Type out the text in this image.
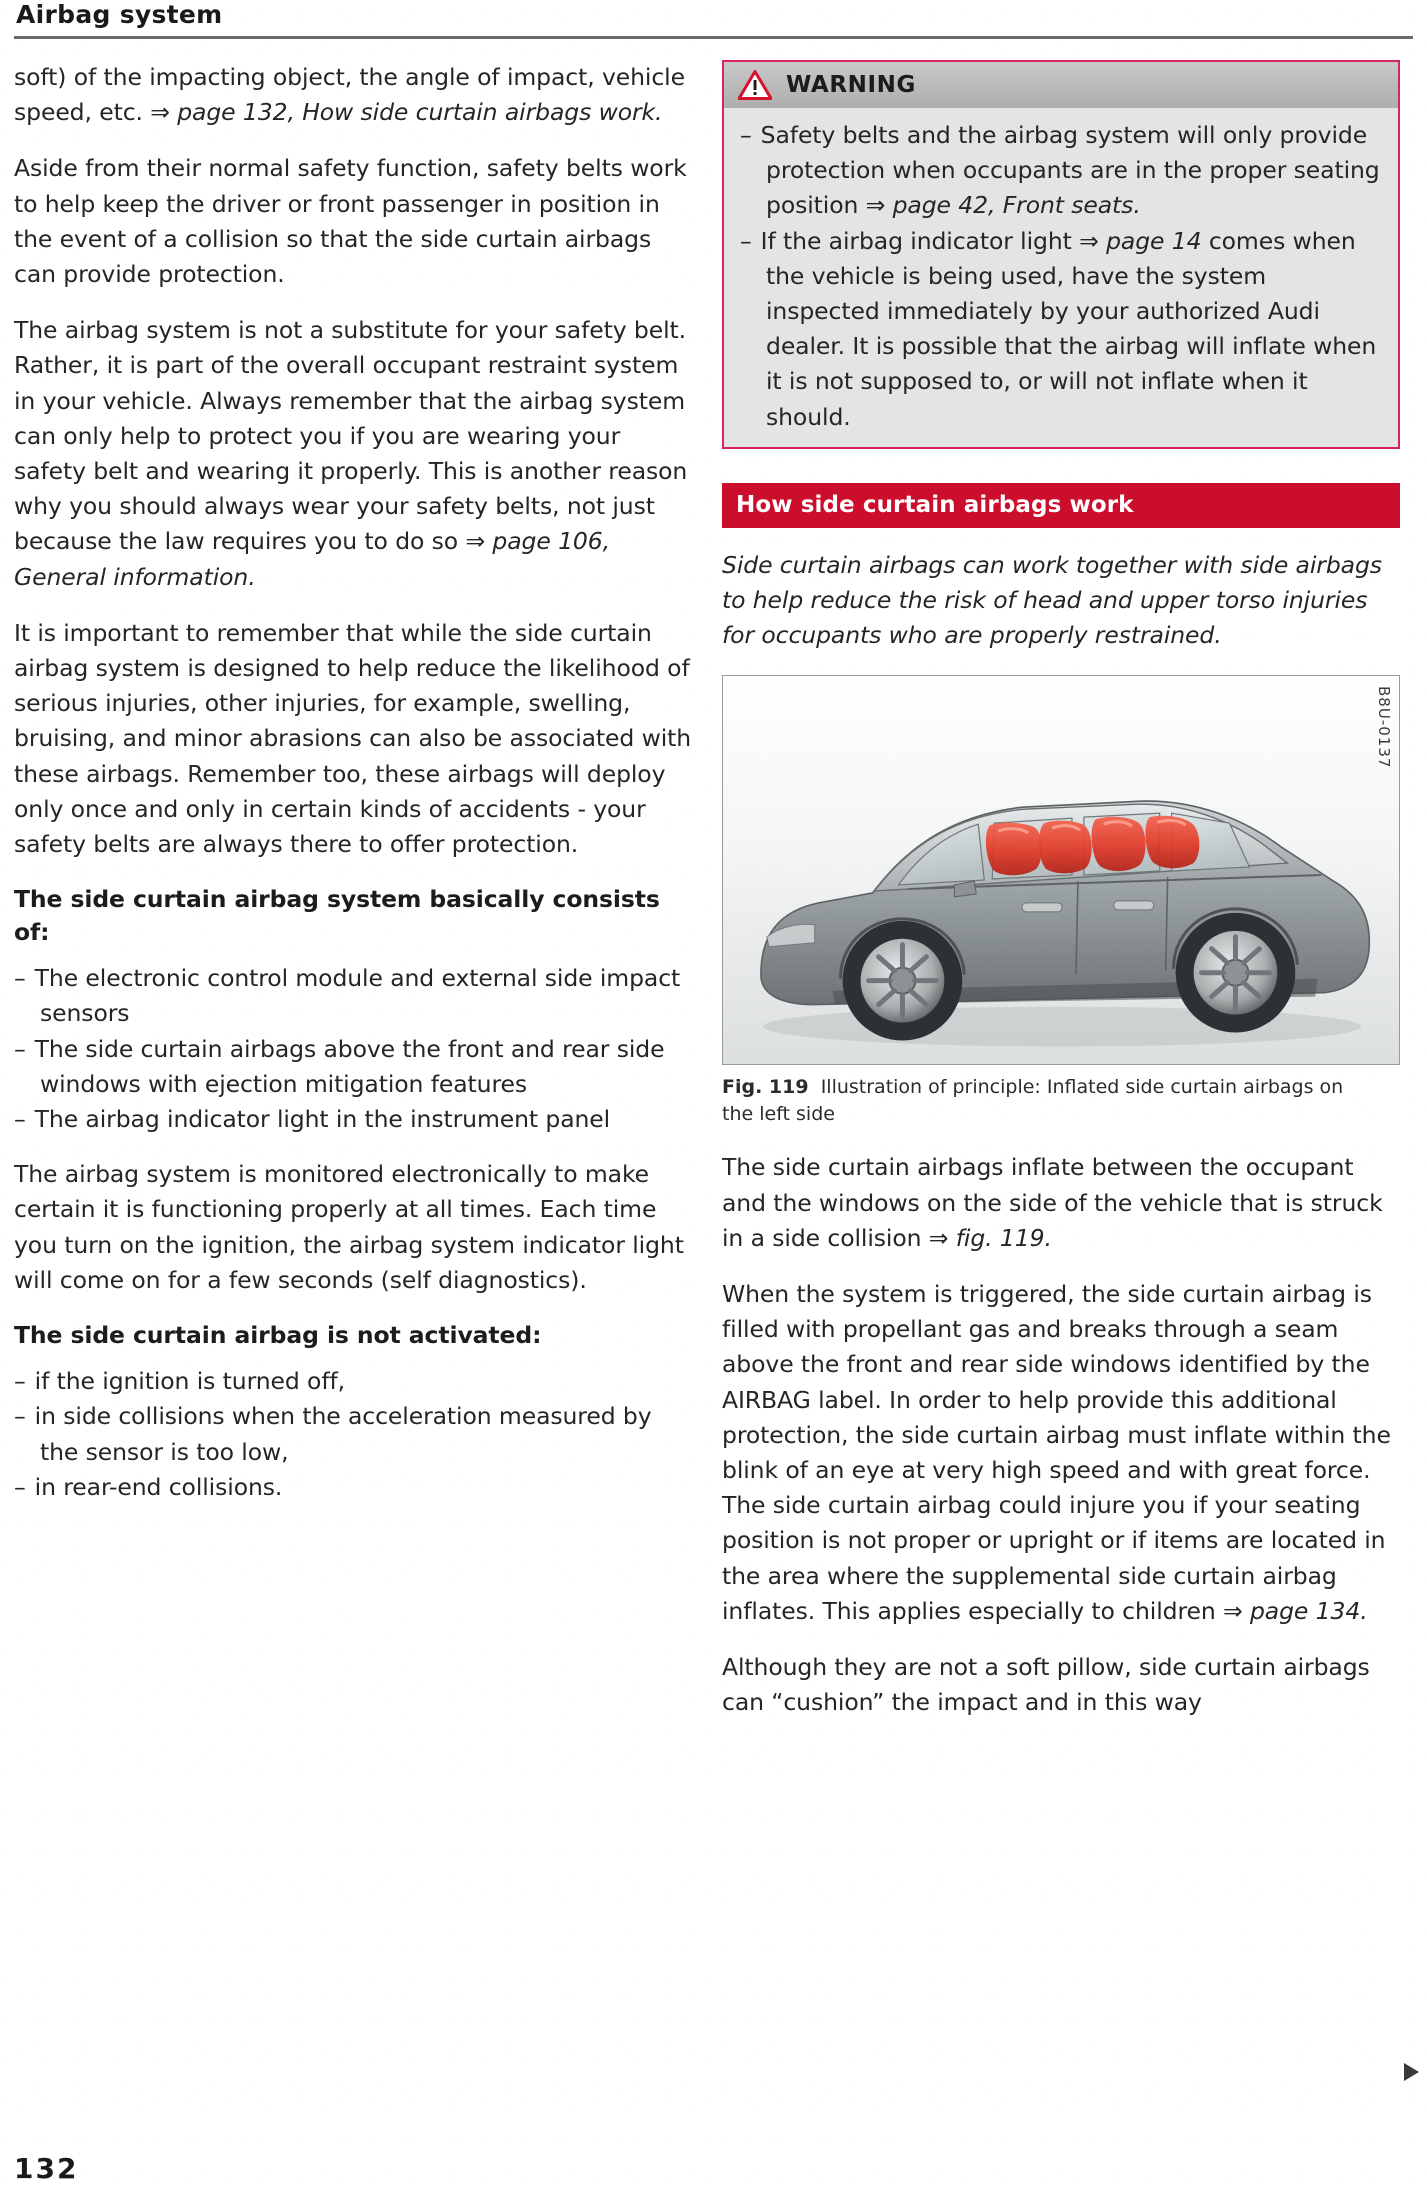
Airbag system

soft) of the impacting object, the angle of impact, vehicle speed, etc. ⇒ page 132, How side curtain airbags work.

Aside from their normal safety function, safety belts work to help keep the driver or front passenger in position in the event of a collision so that the side curtain airbags can provide protection.

The airbag system is not a substitute for your safety belt. Rather, it is part of the overall occupant restraint system in your vehicle. Always remember that the airbag system can only help to protect you if you are wearing your safety belt and wearing it properly. This is another reason why you should always wear your safety belts, not just because the law requires you to do so ⇒ page 106, General information.

It is important to remember that while the side curtain airbag system is designed to help reduce the likelihood of serious injuries, other injuries, for example, swelling, bruising, and minor abrasions can also be associated with these airbags. Remember too, these airbags will deploy only once and only in certain kinds of accidents - your safety belts are always there to offer protection.

The side curtain airbag system basically consists of:
– The electronic control module and external side impact sensors
– The side curtain airbags above the front and rear side windows with ejection mitigation features
– The airbag indicator light in the instrument panel

The airbag system is monitored electronically to make certain it is functioning properly at all times. Each time you turn on the ignition, the airbag system indicator light will come on for a few seconds (self diagnostics).

The side curtain airbag is not activated:
– if the ignition is turned off,
– in side collisions when the acceleration measured by the sensor is too low,
– in rear-end collisions.
WARNING
– Safety belts and the airbag system will only provide protection when occupants are in the proper seating position ⇒ page 42, Front seats.
– If the airbag indicator light ⇒ page 14 comes when the vehicle is being used, have the system inspected immediately by your authorized Audi dealer. It is possible that the airbag will inflate when it is not supposed to, or will not inflate when it should.
How side curtain airbags work

Side curtain airbags can work together with side airbags to help reduce the risk of head and upper torso injuries for occupants who are properly restrained.

B8U-0137
Fig. 119 Illustration of principle: Inflated side curtain airbags on the left side

The side curtain airbags inflate between the occupant and the windows on the side of the vehicle that is struck in a side collision ⇒ fig. 119.

When the system is triggered, the side curtain airbag is filled with propellant gas and breaks through a seam above the front and rear side windows identified by the AIRBAG label. In order to help provide this additional protection, the side curtain airbag must inflate within the blink of an eye at very high speed and with great force. The side curtain airbag could injure you if your seating position is not proper or upright or if items are located in the area where the supplemental side curtain airbag inflates. This applies especially to children ⇒ page 134.

Although they are not a soft pillow, side curtain airbags can “cushion” the impact and in this way

132
